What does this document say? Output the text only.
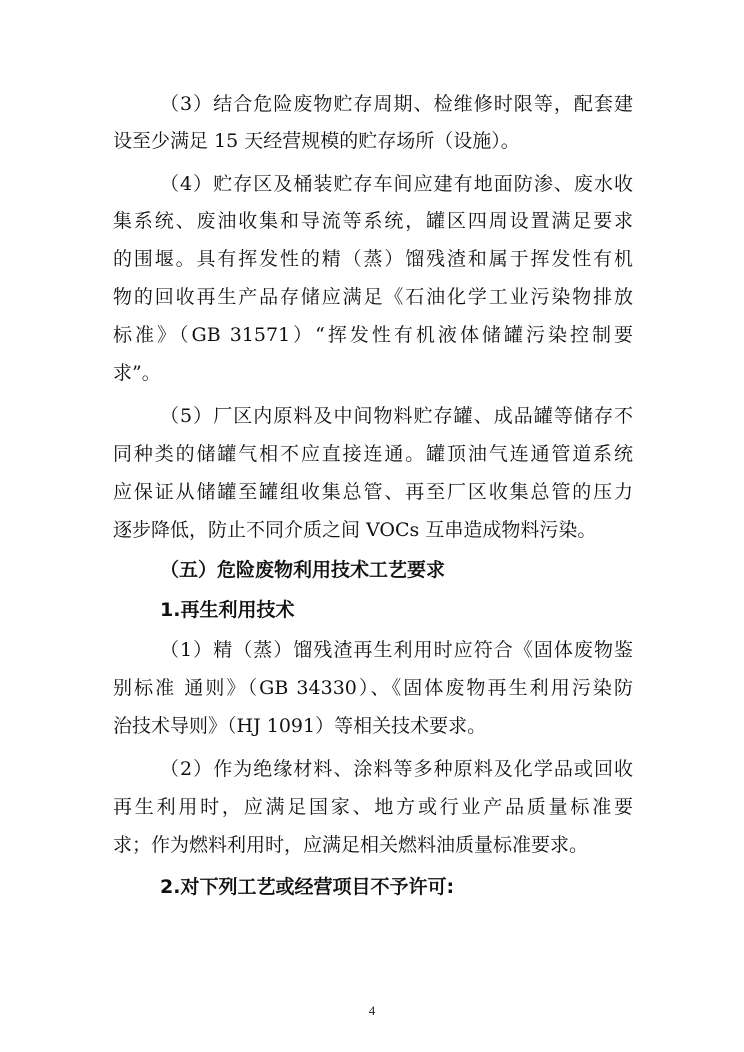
（3）结合危险废物贮存周期、检维修时限等，配套建
设至少满足 15 天经营规模的贮存场所（设施）。
（4）贮存区及桶装贮存车间应建有地面防渗、废水收
集系统、废油收集和导流等系统，罐区四周设置满足要求
的围堰。具有挥发性的精（蒸）馏残渣和属于挥发性有机
物的回收再生产品存储应满足《石油化学工业污染物排放
标准》（GB 31571）“挥发性有机液体储罐污染控制要
求”。
（5）厂区内原料及中间物料贮存罐、成品罐等储存不
同种类的储罐气相不应直接连通。罐顶油气连通管道系统
应保证从储罐至罐组收集总管、再至厂区收集总管的压力
逐步降低，防止不同介质之间 VOCs 互串造成物料污染。
（五）危险废物利用技术工艺要求
1.再生利用技术
（1）精（蒸）馏残渣再生利用时应符合《固体废物鉴
别标准 通则》（GB 34330）、《固体废物再生利用污染防
治技术导则》（HJ 1091）等相关技术要求。
（2）作为绝缘材料、涂料等多种原料及化学品或回收
再生利用时，应满足国家、地方或行业产品质量标准要
求；作为燃料利用时，应满足相关燃料油质量标准要求。
2.对下列工艺或经营项目不予许可:
4
